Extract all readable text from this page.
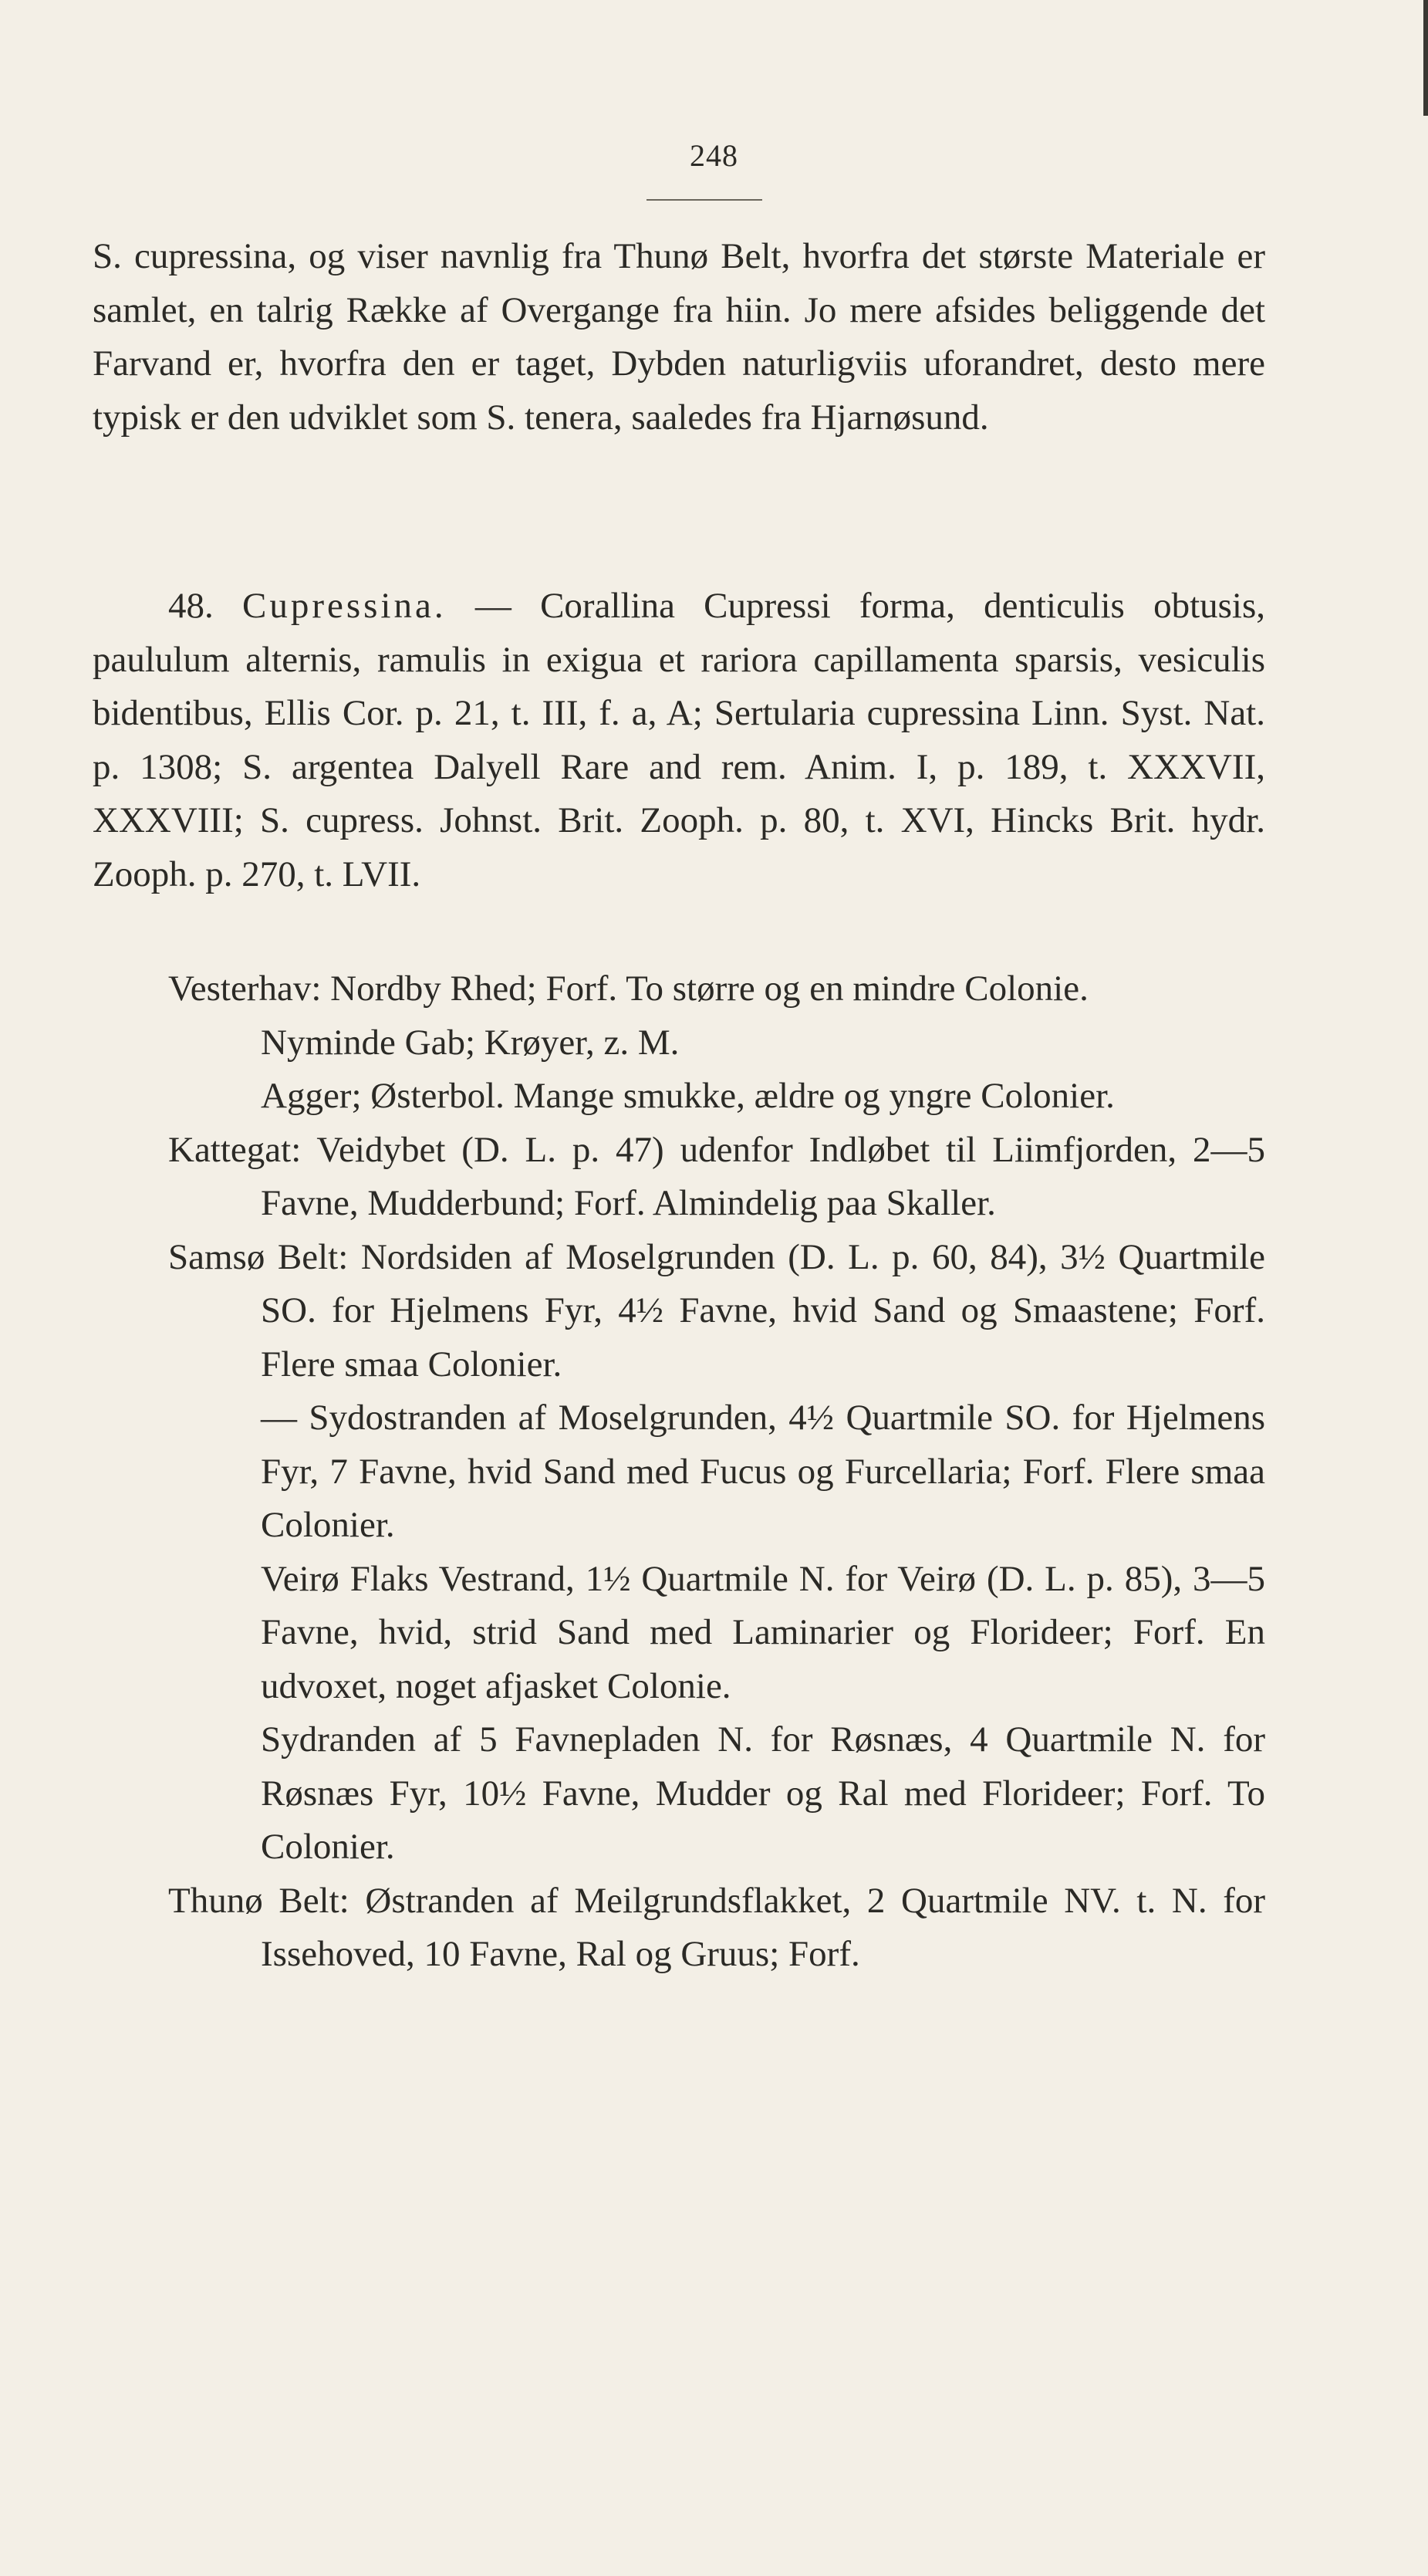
248

S. cupressina, og viser navnlig fra Thunø Belt, hvorfra det største Materiale er samlet, en talrig Række af Overgange fra hiin. Jo mere afsides beliggende det Farvand er, hvorfra den er taget, Dybden naturligviis uforandret, desto mere typisk er den udviklet som S. tenera, saaledes fra Hjarnøsund.

48. Cupressina. — Corallina Cupressi forma, denticulis obtusis, paululum alternis, ramulis in exigua et rariora capillamenta sparsis, vesiculis bidentibus, Ellis Cor. p. 21, t. III, f. a, A; Sertularia cupressina Linn. Syst. Nat. p. 1308; S. argentea Dalyell Rare and rem. Anim. I, p. 189, t. XXXVII, XXXVIII; S. cupress. Johnst. Brit. Zooph. p. 80, t. XVI, Hincks Brit. hydr. Zooph. p. 270, t. LVII.

Vesterhav: Nordby Rhed; Forf. To større og en mindre Colonie.

Nyminde Gab; Krøyer, z. M.

Agger; Østerbol. Mange smukke, ældre og yngre Colonier.

Kattegat: Veidybet (D. L. p. 47) udenfor Indløbet til Liimfjorden, 2—5 Favne, Mudderbund; Forf. Almindelig paa Skaller.

Samsø Belt: Nordsiden af Moselgrunden (D. L. p. 60, 84), 3½ Quartmile SO. for Hjelmens Fyr, 4½ Favne, hvid Sand og Smaastene; Forf. Flere smaa Colonier.

— Sydostranden af Moselgrunden, 4½ Quartmile SO. for Hjelmens Fyr, 7 Favne, hvid Sand med Fucus og Furcellaria; Forf. Flere smaa Colonier.

Veirø Flaks Vestrand, 1½ Quartmile N. for Veirø (D. L. p. 85), 3—5 Favne, hvid, strid Sand med Laminarier og Florideer; Forf. En udvoxet, noget afjasket Colonie.

Sydranden af 5 Favnepladen N. for Røsnæs, 4 Quartmile N. for Røsnæs Fyr, 10½ Favne, Mudder og Ral med Florideer; Forf. To Colonier.

Thunø Belt: Østranden af Meilgrundsflakket, 2 Quartmile NV. t. N. for Issehoved, 10 Favne, Ral og Gruus; Forf.
